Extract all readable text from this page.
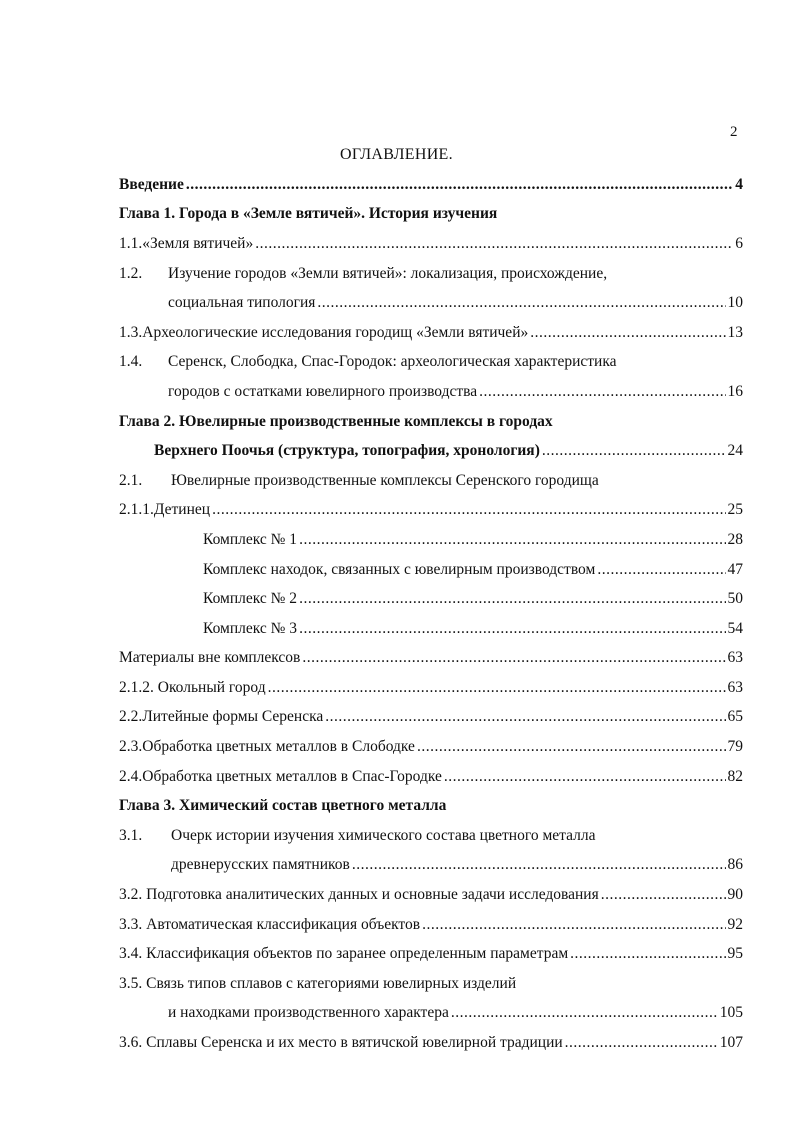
2
ОГЛАВЛЕНИЕ.
Введение .....	4
Глава 1. Города в «Земле вятичей». История изучения
1.1. «Земля вятичей» .....	6
1.2.	Изучение городов «Земли вятичей»: локализация, происхождение,
социальная типология .....	10
1.3. Археологические исследования городищ «Земли вятичей» .....	13
1.4.	Серенск, Слободка, Спас-Городок: археологическая характеристика
городов с остатками ювелирного производства .....	16
Глава 2. Ювелирные производственные комплексы в городах
Верхнего Поочья (структура, топография, хронология) .....	24
2.1.	Ювелирные производственные комплексы Серенского городища
2.1.1. Детинец .....	25
Комплекс № 1 .....	28
Комплекс находок, связанных с ювелирным производством .....	47
Комплекс № 2 .....	50
Комплекс № 3 .....	54
Материалы вне комплексов .....	63
2.1.2. Окольный город .....	63
2.2. Литейные формы Серенска .....	65
2.3. Обработка цветных металлов в Слободке .....	79
2.4. Обработка цветных металлов в Спас-Городке .....	82
Глава 3. Химический состав цветного металла
3.1.	Очерк истории изучения химического состава цветного металла
древнерусских памятников .....	86
3.2. Подготовка аналитических данных и основные задачи исследования .....	90
3.3. Автоматическая классификация объектов .....	92
3.4. Классификация объектов по заранее определенным параметрам .....	95
3.5. Связь типов сплавов с категориями ювелирных изделий
и находками производственного характера .....	105
3.6. Сплавы Серенска и их место в вятичской ювелирной традиции .....	107
